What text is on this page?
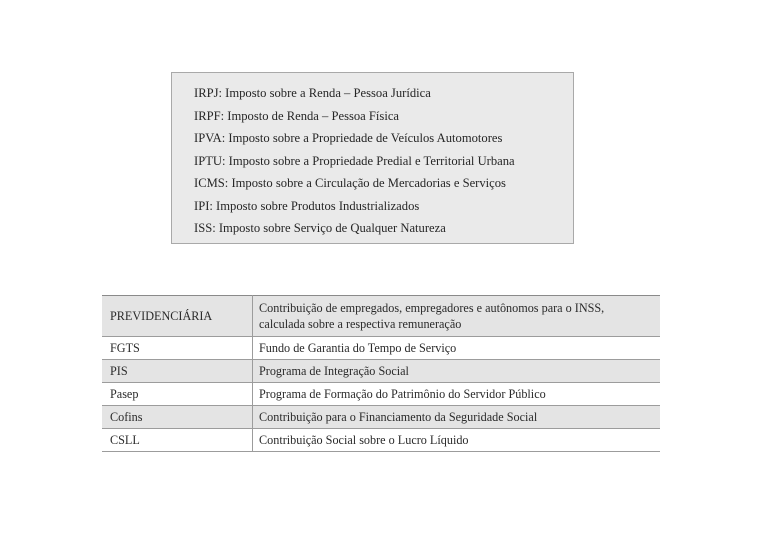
IRPJ: Imposto sobre a Renda – Pessoa Jurídica
IRPF: Imposto de Renda – Pessoa Física
IPVA: Imposto sobre a Propriedade de Veículos Automotores
IPTU: Imposto sobre a Propriedade Predial e Territorial Urbana
ICMS: Imposto sobre a Circulação de Mercadorias e Serviços
IPI: Imposto sobre Produtos Industrializados
ISS: Imposto sobre Serviço de Qualquer Natureza
PREVIDENCIÁRIA	Contribuição de empregados, empregadores e autônomos para o INSS,
calculada sobre a respectiva remuneração

FGTS	Fundo de Garantia do Tempo de Serviço
PIS	Programa de Integração Social
Pasep	Programa de Formação do Patrimônio do Servidor Público
Cofins	Contribuição para o Financiamento da Seguridade Social
CSLL	Contribuição Social sobre o Lucro Líquido
